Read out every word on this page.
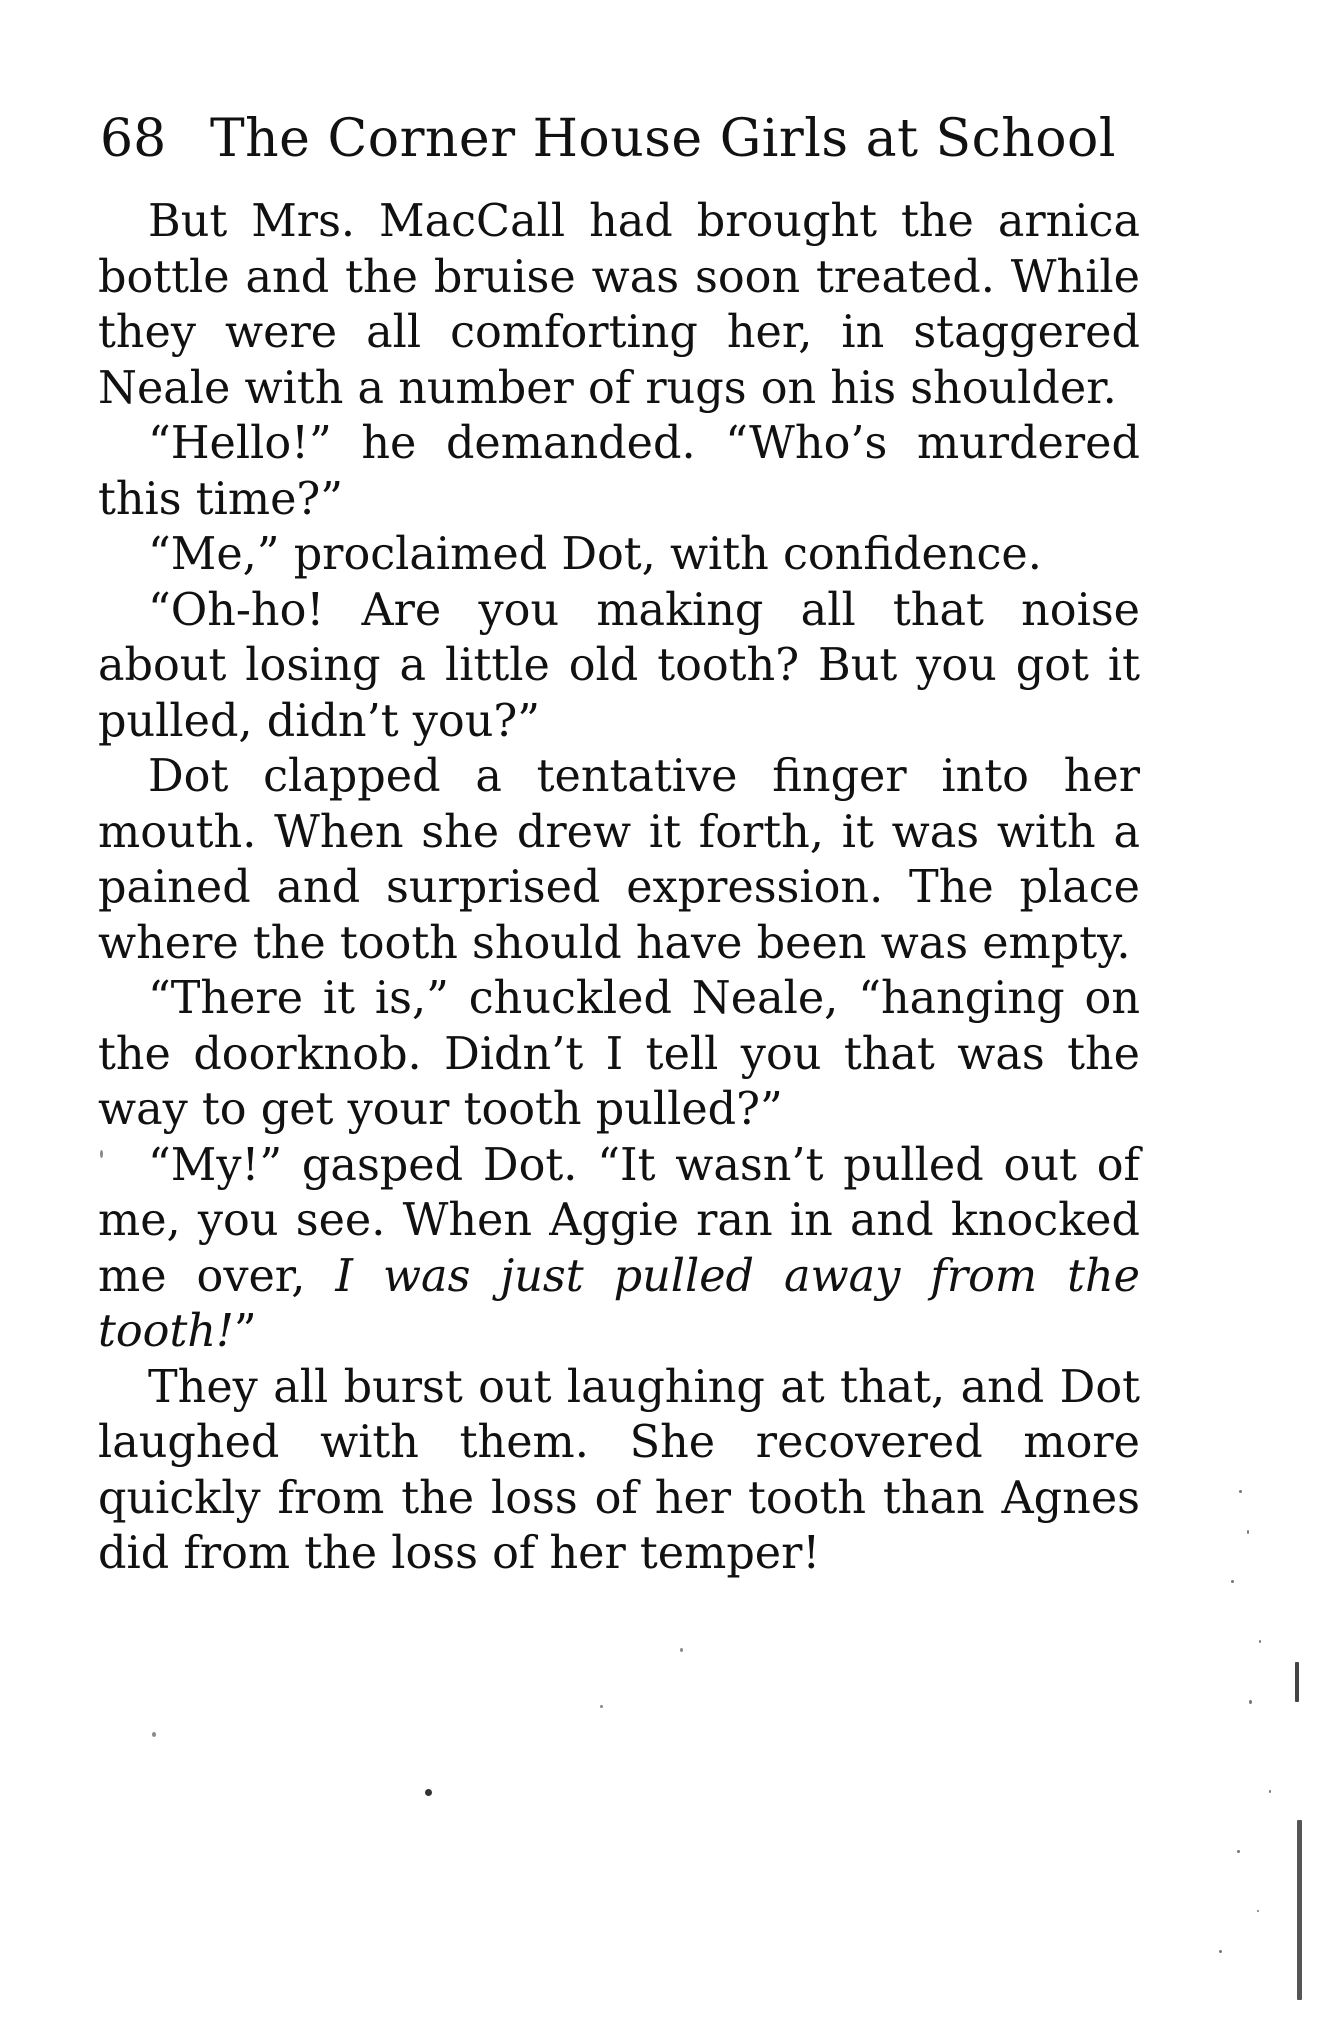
68 The Corner House Girls at School

But Mrs. MacCall had brought the arnica bottle and the bruise was soon treated. While they were all comforting her, in staggered Neale with a number of rugs on his shoulder.

“Hello!” he demanded. “Who’s murdered this time?”

“Me,” proclaimed Dot, with confidence.

“Oh-ho! Are you making all that noise about losing a little old tooth? But you got it pulled, didn’t you?”

Dot clapped a tentative finger into her mouth. When she drew it forth, it was with a pained and surprised expression. The place where the tooth should have been was empty.

“There it is,” chuckled Neale, “hanging on the doorknob. Didn’t I tell you that was the way to get your tooth pulled?”

“My!” gasped Dot. “It wasn’t pulled out of me, you see. When Aggie ran in and knocked me over, I was just pulled away from the tooth!”

They all burst out laughing at that, and Dot laughed with them. She recovered more quickly from the loss of her tooth than Agnes did from the loss of her temper!
